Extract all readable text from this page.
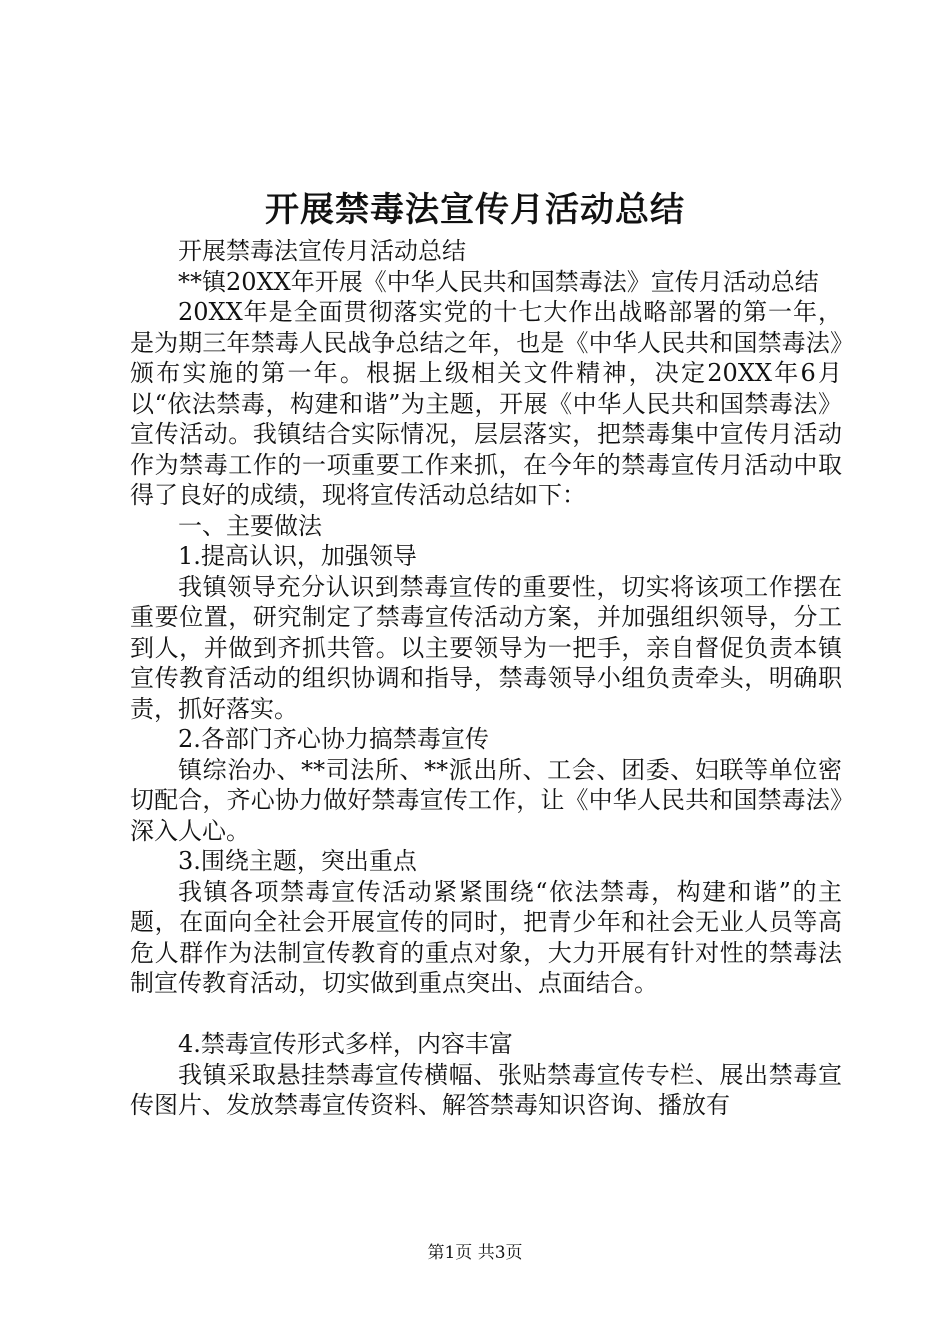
开展禁毒法宣传月活动总结

开展禁毒法宣传月活动总结

**镇20XX年开展《中华人民共和国禁毒法》宣传月活动总结

20XX年是全面贯彻落实党的十七大作出战略部署的第一年，是为期三年禁毒人民战争总结之年，也是《中华人民共和国禁毒法》颁布实施的第一年。根据上级相关文件精神，决定20XX年6月以“依法禁毒，构建和谐”为主题，开展《中华人民共和国禁毒法》宣传活动。我镇结合实际情况，层层落实，把禁毒集中宣传月活动作为禁毒工作的一项重要工作来抓，在今年的禁毒宣传月活动中取得了良好的成绩，现将宣传活动总结如下：

一、主要做法

1.提高认识，加强领导

我镇领导充分认识到禁毒宣传的重要性，切实将该项工作摆在重要位置，研究制定了禁毒宣传活动方案，并加强组织领导，分工到人，并做到齐抓共管。以主要领导为一把手，亲自督促负责本镇宣传教育活动的组织协调和指导，禁毒领导小组负责牵头，明确职责，抓好落实。

2.各部门齐心协力搞禁毒宣传

镇综治办、**司法所、**派出所、工会、团委、妇联等单位密切配合，齐心协力做好禁毒宣传工作，让《中华人民共和国禁毒法》深入人心。

3.围绕主题，突出重点

我镇各项禁毒宣传活动紧紧围绕“依法禁毒，构建和谐”的主题，在面向全社会开展宣传的同时，把青少年和社会无业人员等高危人群作为法制宣传教育的重点对象，大力开展有针对性的禁毒法制宣传教育活动，切实做到重点突出、点面结合。

4.禁毒宣传形式多样，内容丰富

我镇采取悬挂禁毒宣传横幅、张贴禁毒宣传专栏、展出禁毒宣传图片、发放禁毒宣传资料、解答禁毒知识咨询、播放有

第1页 共3页
